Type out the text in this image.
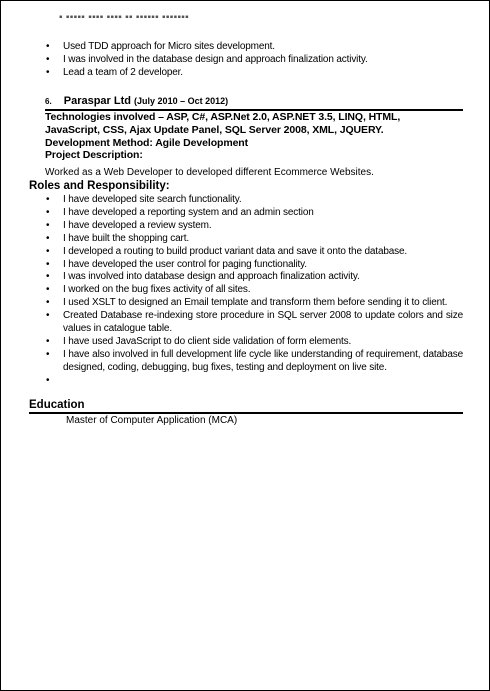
▪ ▪▪▪▪▪ ▪▪▪▪ ▪▪▪▪ ▪▪ ▪▪▪▪▪▪ ▪▪▪▪▪▪▪
• Used TDD approach for Micro sites development.
• I was involved in the database design and approach finalization activity.
• Lead a team of 2 developer.
6. Paraspar Ltd (July 2010 – Oct 2012)
Technologies involved – ASP, C#, ASP.Net 2.0, ASP.NET 3.5, LINQ, HTML,
JavaScript, CSS, Ajax Update Panel, SQL Server 2008, XML, JQUERY.
Development Method: Agile Development
Project Description:
Worked as a Web Developer to developed different Ecommerce Websites.
Roles and Responsibility:
• I have developed site search functionality.
• I have developed a reporting system and an admin section
• I have developed a review system.
• I have built the shopping cart.
• I developed a routing to build product variant data and save it onto the database.
• I have developed the user control for paging functionality.
• I was involved into database design and approach finalization activity.
• I worked on the bug fixes activity of all sites.
• I used XSLT to designed an Email template and transform them before sending it to client.
• Created Database re-indexing store procedure in SQL server 2008 to update colors and size values in catalogue table.
• I have used JavaScript to do client side validation of form elements.
• I have also involved in full development life cycle like understanding of requirement, database designed, coding, debugging, bug fixes, testing and deployment on live site.
•

Education
Master of Computer Application (MCA)
